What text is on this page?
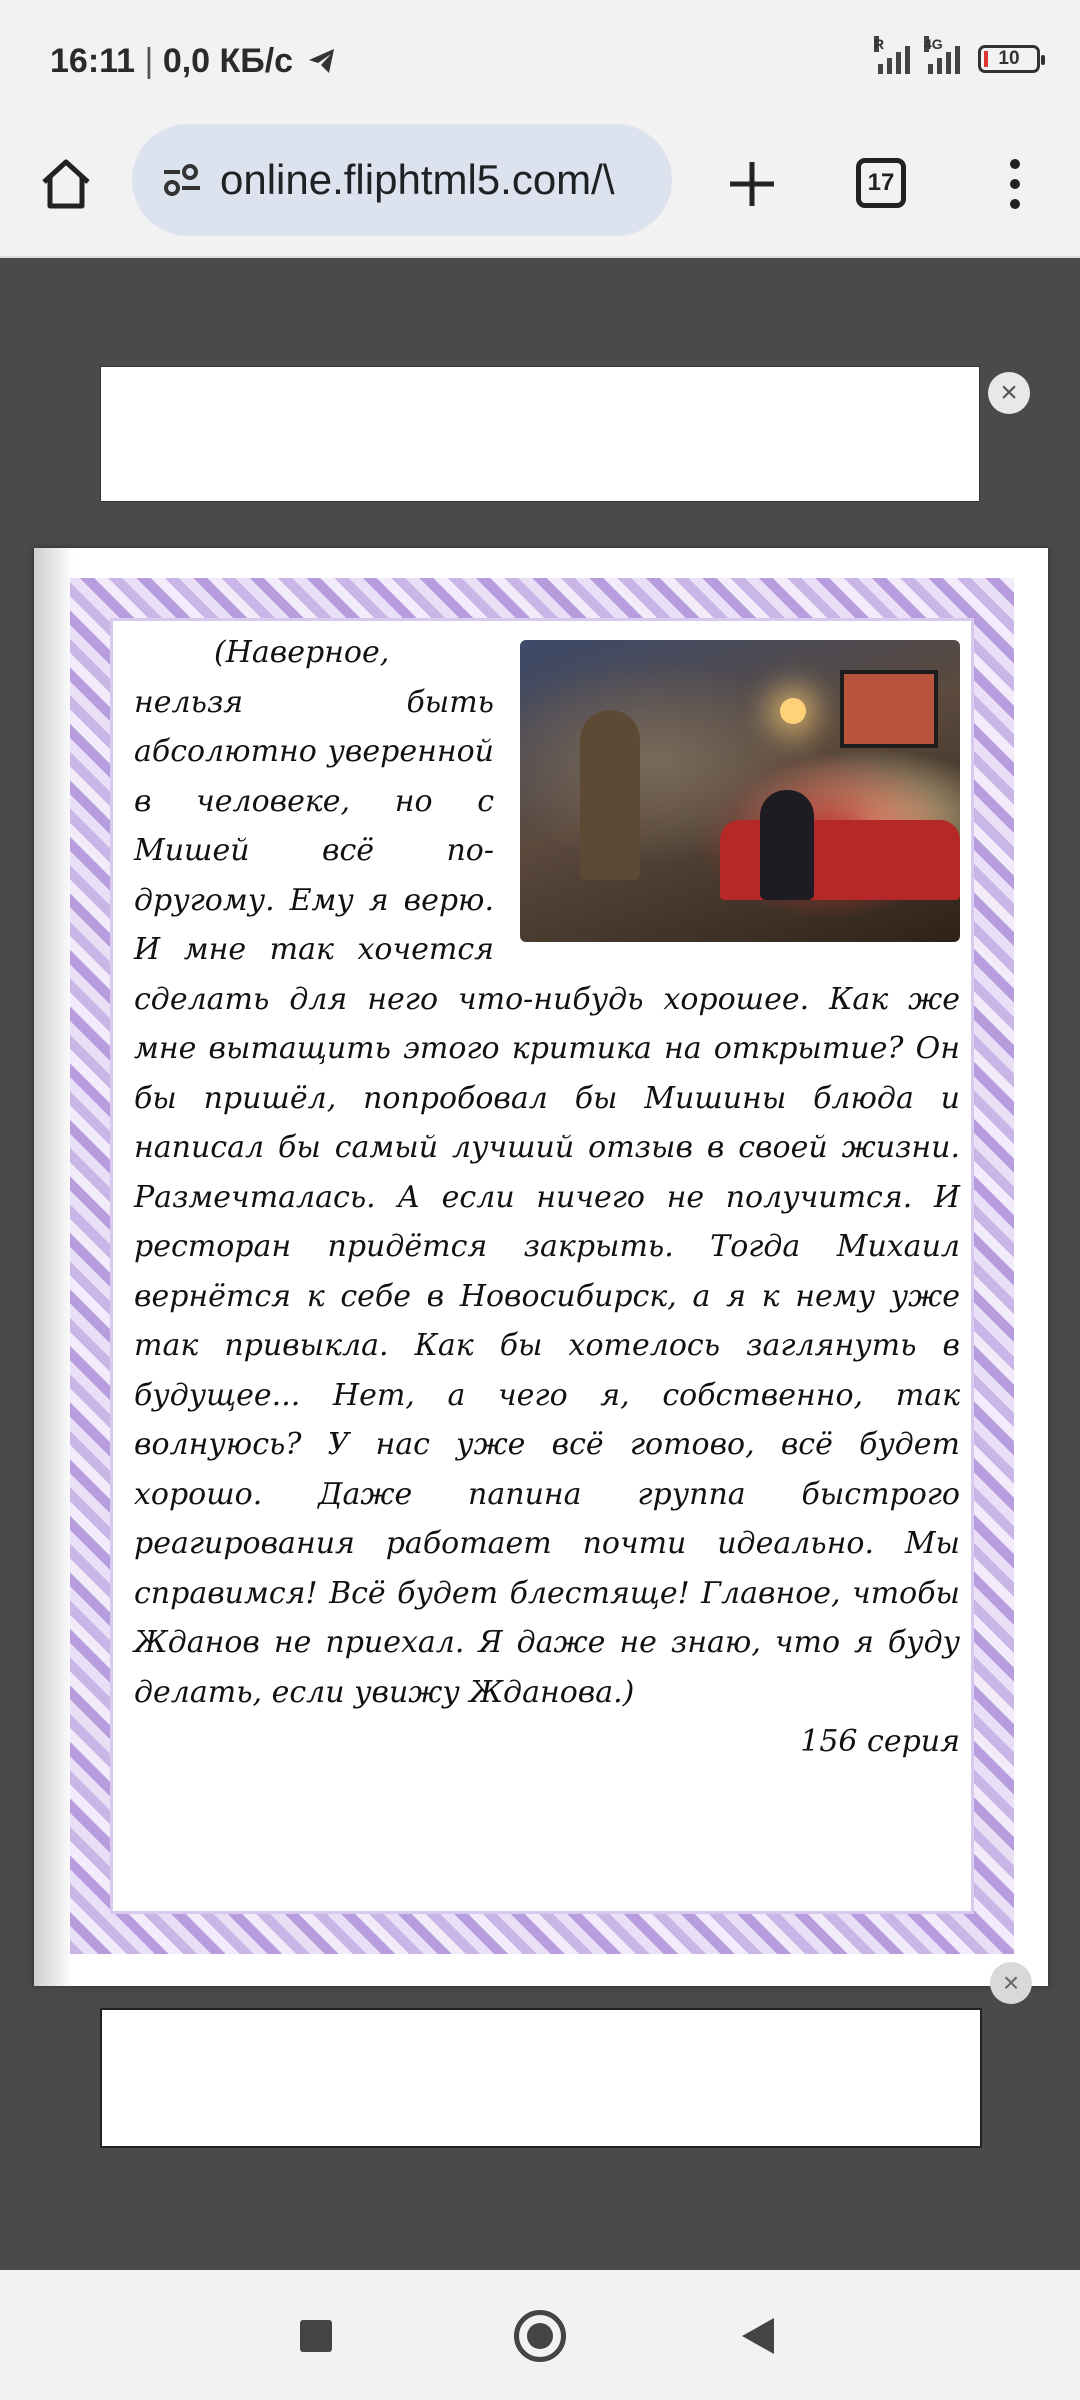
16:11 | 0,0 КБ/с	R	4G
10
online.fliphtml5.com/\	17
×

(Наверное, нельзя быть абсолютно уверенной в человеке, но с Мишей всё по-другому. Ему я верю. И мне так хочется сделать для него что-нибудь хорошее. Как же мне вытащить этого критика на открытие? Он бы пришёл, попробовал бы Мишины блюда и написал бы самый лучший отзыв в своей жизни. Размечталась. А если ничего не получится. И ресторан придётся закрыть. Тогда Михаил вернётся к себе в Новосибирск, а я к нему уже так привыкла. Как бы хотелось заглянуть в будущее... Нет, а чего я, собственно, так волнуюсь? У нас уже всё готово, всё будет хорошо. Даже папина группа быстрого реагирования работает почти идеально. Мы справимся! Всё будет блестяще! Главное, чтобы Жданов не приехал. Я даже не знаю, что я буду делать, если увижу Жданова.)

156 серия

×
